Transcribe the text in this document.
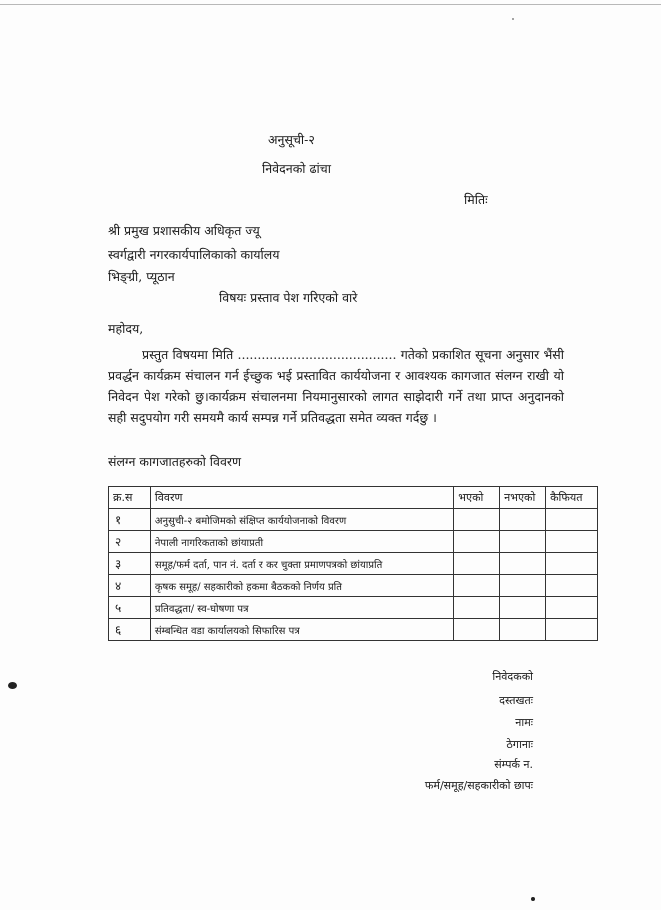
अनुसूची-२
निवेदनको ढांचा
मितिः
श्री प्रमुख प्रशासकीय अधिकृत ज्यू
स्वर्गद्वारी नगरकार्यपालिकाको कार्यालय
भिङ्ग्री, प्यूठान
विषयः प्रस्ताव पेश गरिएको वारे
महोदय,
प्रस्तुत विषयमा मिति ........................................ गतेको प्रकाशित सूचना अनुसार भैंसी प्रवर्द्धन कार्यक्रम संचालन गर्न ईच्छुक भई प्रस्तावित कार्ययोजना र आवश्यक कागजात संलग्न राखी यो निवेदन पेश गरेको छु।कार्यक्रम संचालनमा नियमानुसारको लागत साझेदारी गर्ने तथा प्राप्त अनुदानको सही सदुपयोग गरी समयमै कार्य सम्पन्न गर्ने प्रतिवद्धता समेत व्यक्त गर्दछु ।
संलग्न कागजातहरुको विवरण
क्र.स	विवरण	भएको	नभएको	कैफियत
१	अनुसुची-२ बमोजिमको संक्षिप्त कार्ययोजनाको विवरण			
२	नेपाली नागरिकताको छांयाप्रती			
३	समूह/फर्म दर्ता, पान नं. दर्ता र कर चुक्ता प्रमाणपत्रको छांयाप्रति			
४	कृषक समूह/ सहकारीको हकमा बैठकको निर्णय प्रति			
५	प्रतिवद्धता/ स्व-घोषणा पत्र			
६	संम्बन्धित वडा कार्यालयको सिफारिस पत्र			
निवेदकको
दस्तखतः
नामः
ठेगानाः
संम्पर्क न.
फर्म/समूह/सहकारीको छापः
